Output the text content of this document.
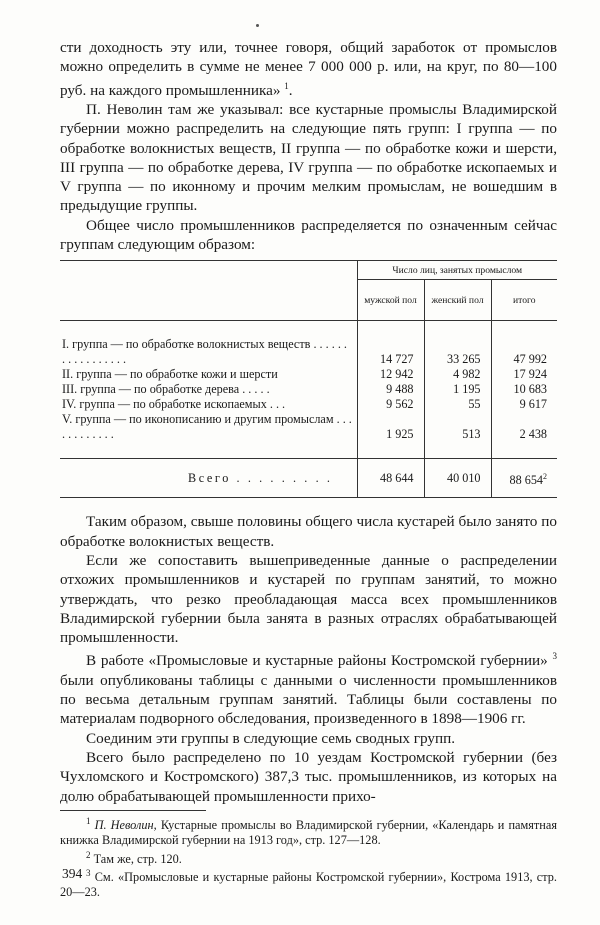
сти доходность эту или, точнее говоря, общий заработок от промыслов можно определить в сумме не менее 7 000 000 р. или, на круг, по 80—100 руб. на каждого промышленника» $^1$.

П. Неволин там же указывал: все кустарные промыслы Владимирской губернии можно распределить на следующие пять групп: I группа — по обработке волокнистых веществ, II группа — по обработке кожи и шерсти, III группа — по обработке дерева, IV группа — по обработке ископаемых и V группа — по иконному и прочим мелким промыслам, не вошедшим в предыдущие группы.

Общее число промышленников распределяется по означенным сейчас группам следующим образом:

	Число лиц, занятых промыслом		
	мужской пол	женский пол	итого

I. группа — по обработке волокнистых веществ . . . . . . . . . . . . . . . . .	14 727	33 265	47 992
II. группа — по обработке кожи и шерсти	12 942	4 982	17 924
III. группа — по обработке дерева . . . . .	9 488	1 195	10 683
IV. группа — по обработке ископаемых . . .	9 562	55	9 617
V. группа — по иконописанию и другим промыслам . . . . . . . . . . . .	1 925	513	2 438
Всего . . . . . . . . .	48 644	40 010	88 $654^2$

Таким образом, свыше половины общего числа кустарей было занято по обработке волокнистых веществ.

Если же сопоставить вышеприведенные данные о распределении отхожих промышленников и кустарей по группам занятий, то можно утверждать, что резко преобладающая масса всех промышленников Владимирской губернии была занята в разных отраслях обрабатывающей промышленности.

В работе «Промысловые и кустарные районы Костромской губернии» $^3$ были опубликованы таблицы с данными о численности промышленников по весьма детальным группам занятий. Таблицы были составлены по материалам подворного обследования, произведенного в 1898—1906 гг.

Соединим эти группы в следующие семь сводных групп.

Всего было распределено по 10 уездам Костромской губернии (без Чухломского и Костромского) 387,3 тыс. промышленников, из которых на долю обрабатывающей промышленности прихо-

$^1$ П. Неволин, Кустарные промыслы во Владимирской губернии, «Календарь и памятная книжка Владимирской губернии на 1913 год», стр. 127—128.

$^2$ Там же, стр. 120.

$^3$ См. «Промысловые и кустарные районы Костромской губернии», Кострома 1913, стр. 20—23.

394
